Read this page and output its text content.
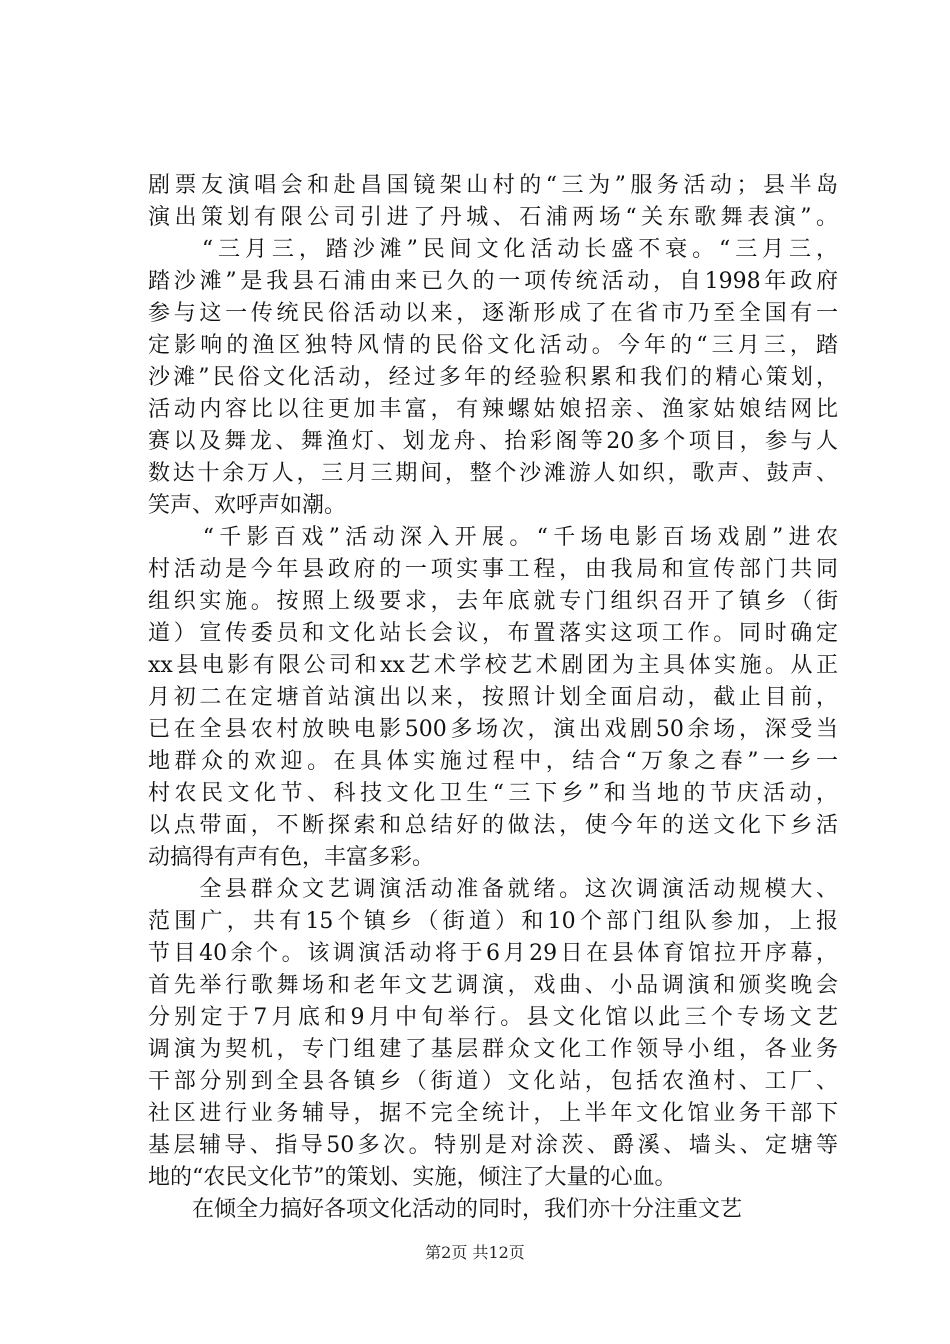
剧票友演唱会和赴昌国镜架山村的“三为”服务活动；县半岛
演出策划有限公司引进了丹城、石浦两场“关东歌舞表演”。
　　“三月三，踏沙滩”民间文化活动长盛不衰。“三月三，
踏沙滩”是我县石浦由来已久的一项传统活动，自1998年政府
参与这一传统民俗活动以来，逐渐形成了在省市乃至全国有一
定影响的渔区独特风情的民俗文化活动。今年的“三月三，踏
沙滩”民俗文化活动，经过多年的经验积累和我们的精心策划，
活动内容比以往更加丰富，有辣螺姑娘招亲、渔家姑娘结网比
赛以及舞龙、舞渔灯、划龙舟、抬彩阁等20多个项目，参与人
数达十余万人，三月三期间，整个沙滩游人如织，歌声、鼓声、
笑声、欢呼声如潮。
　　“千影百戏”活动深入开展。“千场电影百场戏剧”进农
村活动是今年县政府的一项实事工程，由我局和宣传部门共同
组织实施。按照上级要求，去年底就专门组织召开了镇乡（街
道）宣传委员和文化站长会议，布置落实这项工作。同时确定
xx县电影有限公司和xx艺术学校艺术剧团为主具体实施。从正
月初二在定塘首站演出以来，按照计划全面启动，截止目前，
已在全县农村放映电影500多场次，演出戏剧50余场，深受当
地群众的欢迎。在具体实施过程中，结合“万象之春”一乡一
村农民文化节、科技文化卫生“三下乡”和当地的节庆活动，
以点带面，不断探索和总结好的做法，使今年的送文化下乡活
动搞得有声有色，丰富多彩。
　　全县群众文艺调演活动准备就绪。这次调演活动规模大、
范围广，共有15个镇乡（街道）和10个部门组队参加，上报
节目40余个。该调演活动将于6月29日在县体育馆拉开序幕，
首先举行歌舞场和老年文艺调演，戏曲、小品调演和颁奖晚会
分别定于7月底和9月中旬举行。县文化馆以此三个专场文艺
调演为契机，专门组建了基层群众文化工作领导小组，各业务
干部分别到全县各镇乡（街道）文化站，包括农渔村、工厂、
社区进行业务辅导，据不完全统计，上半年文化馆业务干部下
基层辅导、指导50多次。特别是对涂茨、爵溪、墙头、定塘等
地的“农民文化节”的策划、实施，倾注了大量的心血。
　　在倾全力搞好各项文化活动的同时，我们亦十分注重文艺
第2页 共12页
